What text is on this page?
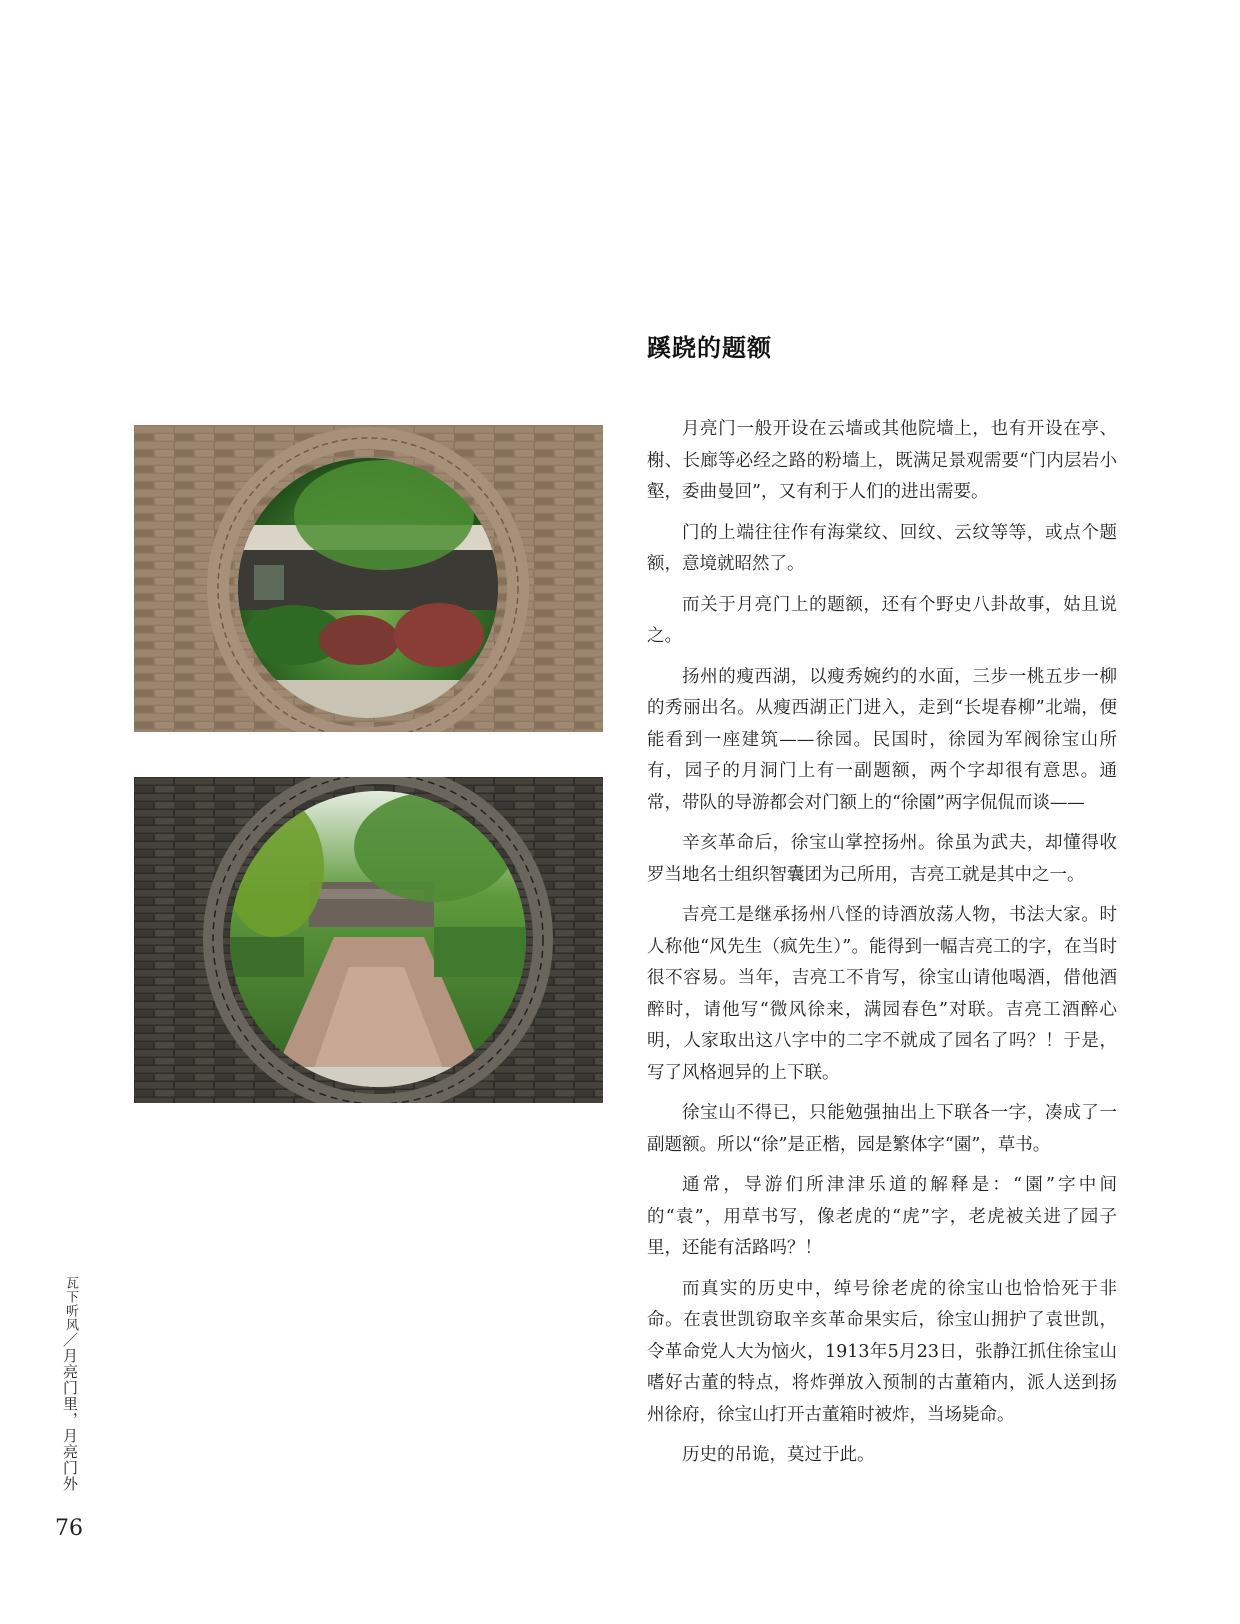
蹊跷的题额

月亮门一般开设在云墙或其他院墙上，也有开设在亭、榭、长廊等必经之路的粉墙上，既满足景观需要“门内层岩小壑，委曲曼回”，又有利于人们的进出需要。

门的上端往往作有海棠纹、回纹、云纹等等，或点个题额，意境就昭然了。

而关于月亮门上的题额，还有个野史八卦故事，姑且说之。

扬州的瘦西湖，以瘦秀婉约的水面，三步一桃五步一柳的秀丽出名。从瘦西湖正门进入，走到“长堤春柳”北端，便能看到一座建筑——徐园。民国时，徐园为军阀徐宝山所有，园子的月洞门上有一副题额，两个字却很有意思。通常，带队的导游都会对门额上的“徐園”两字侃侃而谈——

辛亥革命后，徐宝山掌控扬州。徐虽为武夫，却懂得收罗当地名士组织智囊团为己所用，吉亮工就是其中之一。

吉亮工是继承扬州八怪的诗酒放荡人物，书法大家。时人称他“风先生（疯先生）”。能得到一幅吉亮工的字，在当时很不容易。当年，吉亮工不肯写，徐宝山请他喝酒，借他酒醉时，请他写“微风徐来，满园春色”对联。吉亮工酒醉心明，人家取出这八字中的二字不就成了园名了吗？！于是，写了风格迥异的上下联。

徐宝山不得已，只能勉强抽出上下联各一字，凑成了一副题额。所以“徐”是正楷，园是繁体字“園”，草书。

通常，导游们所津津乐道的解释是：“園”字中间的“袁”，用草书写，像老虎的“虎”字，老虎被关进了园子里，还能有活路吗？！

而真实的历史中，绰号徐老虎的徐宝山也恰恰死于非命。在袁世凯窃取辛亥革命果实后，徐宝山拥护了袁世凯，令革命党人大为恼火，1913年5月23日，张静江抓住徐宝山嗜好古董的特点，将炸弹放入预制的古董箱内，派人送到扬州徐府，徐宝山打开古董箱时被炸，当场毙命。

历史的吊诡，莫过于此。

瓦下听风／月亮门里，月亮门外
76
